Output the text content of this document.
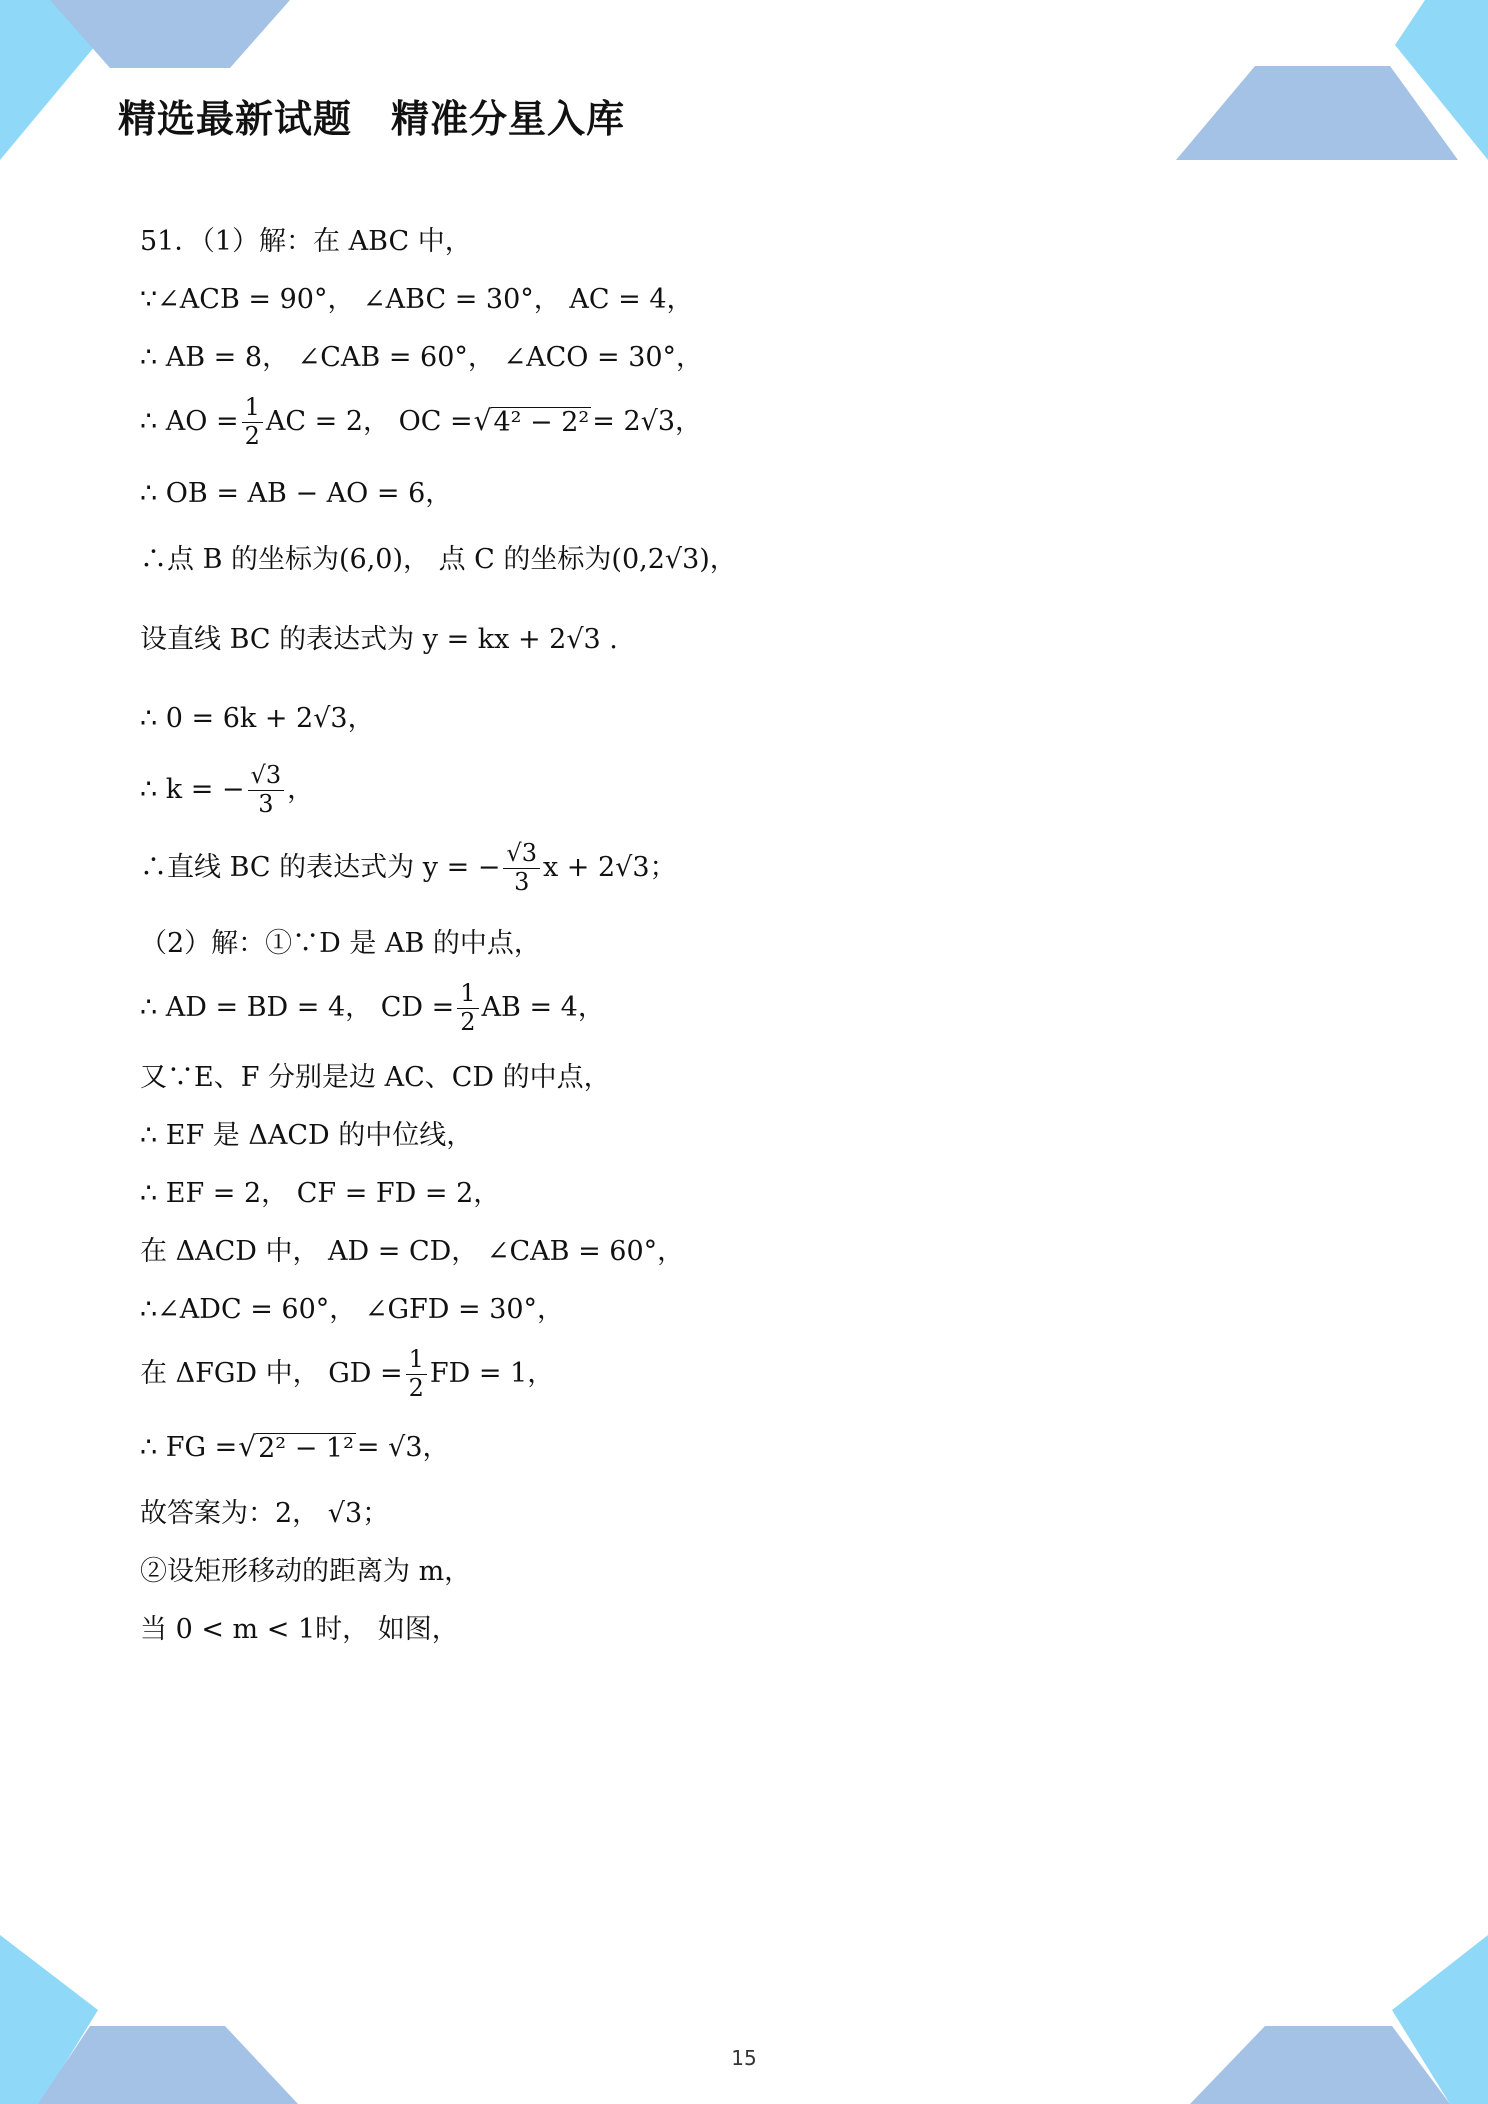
精选最新试题　精准分星入库
51．（1）解：在 ABC 中，
∵∠ACB = 90°， ∠ABC = 30°， AC = 4，
∴ AB = 8， ∠CAB = 60°， ∠ACO = 30°，
∴ AO = $\frac{1}{2}$ AC = 2， OC = √ 4² − 2² = 2√3，
∴ OB = AB − AO = 6，
∴点 B 的坐标为(6,0)， 点 C 的坐标为(0,2√3)，
设直线 BC 的表达式为 y = kx + 2√3 .
∴ 0 = 6k + 2√3，
∴ k = − $\frac{√3}{3}$ ，
∴直线 BC 的表达式为 y = − $\frac{√3}{3}$ x + 2√3；
（2）解：①∵D 是 AB 的中点，
∴ AD = BD = 4， CD = $\frac{1}{2}$ AB = 4，
又∵E、F 分别是边 AC、CD 的中点，
∴ EF 是 ΔACD 的中位线，
∴ EF = 2， CF = FD = 2，
在 ΔACD 中， AD = CD， ∠CAB = 60°，
∴∠ADC = 60°， ∠GFD = 30°，
在 ΔFGD 中， GD = $\frac{1}{2}$ FD = 1，
∴ FG = √ 2² − 1² = √3，
故答案为：2， √3；
②设矩形移动的距离为 m，
当 0 < m < 1时， 如图，
15
